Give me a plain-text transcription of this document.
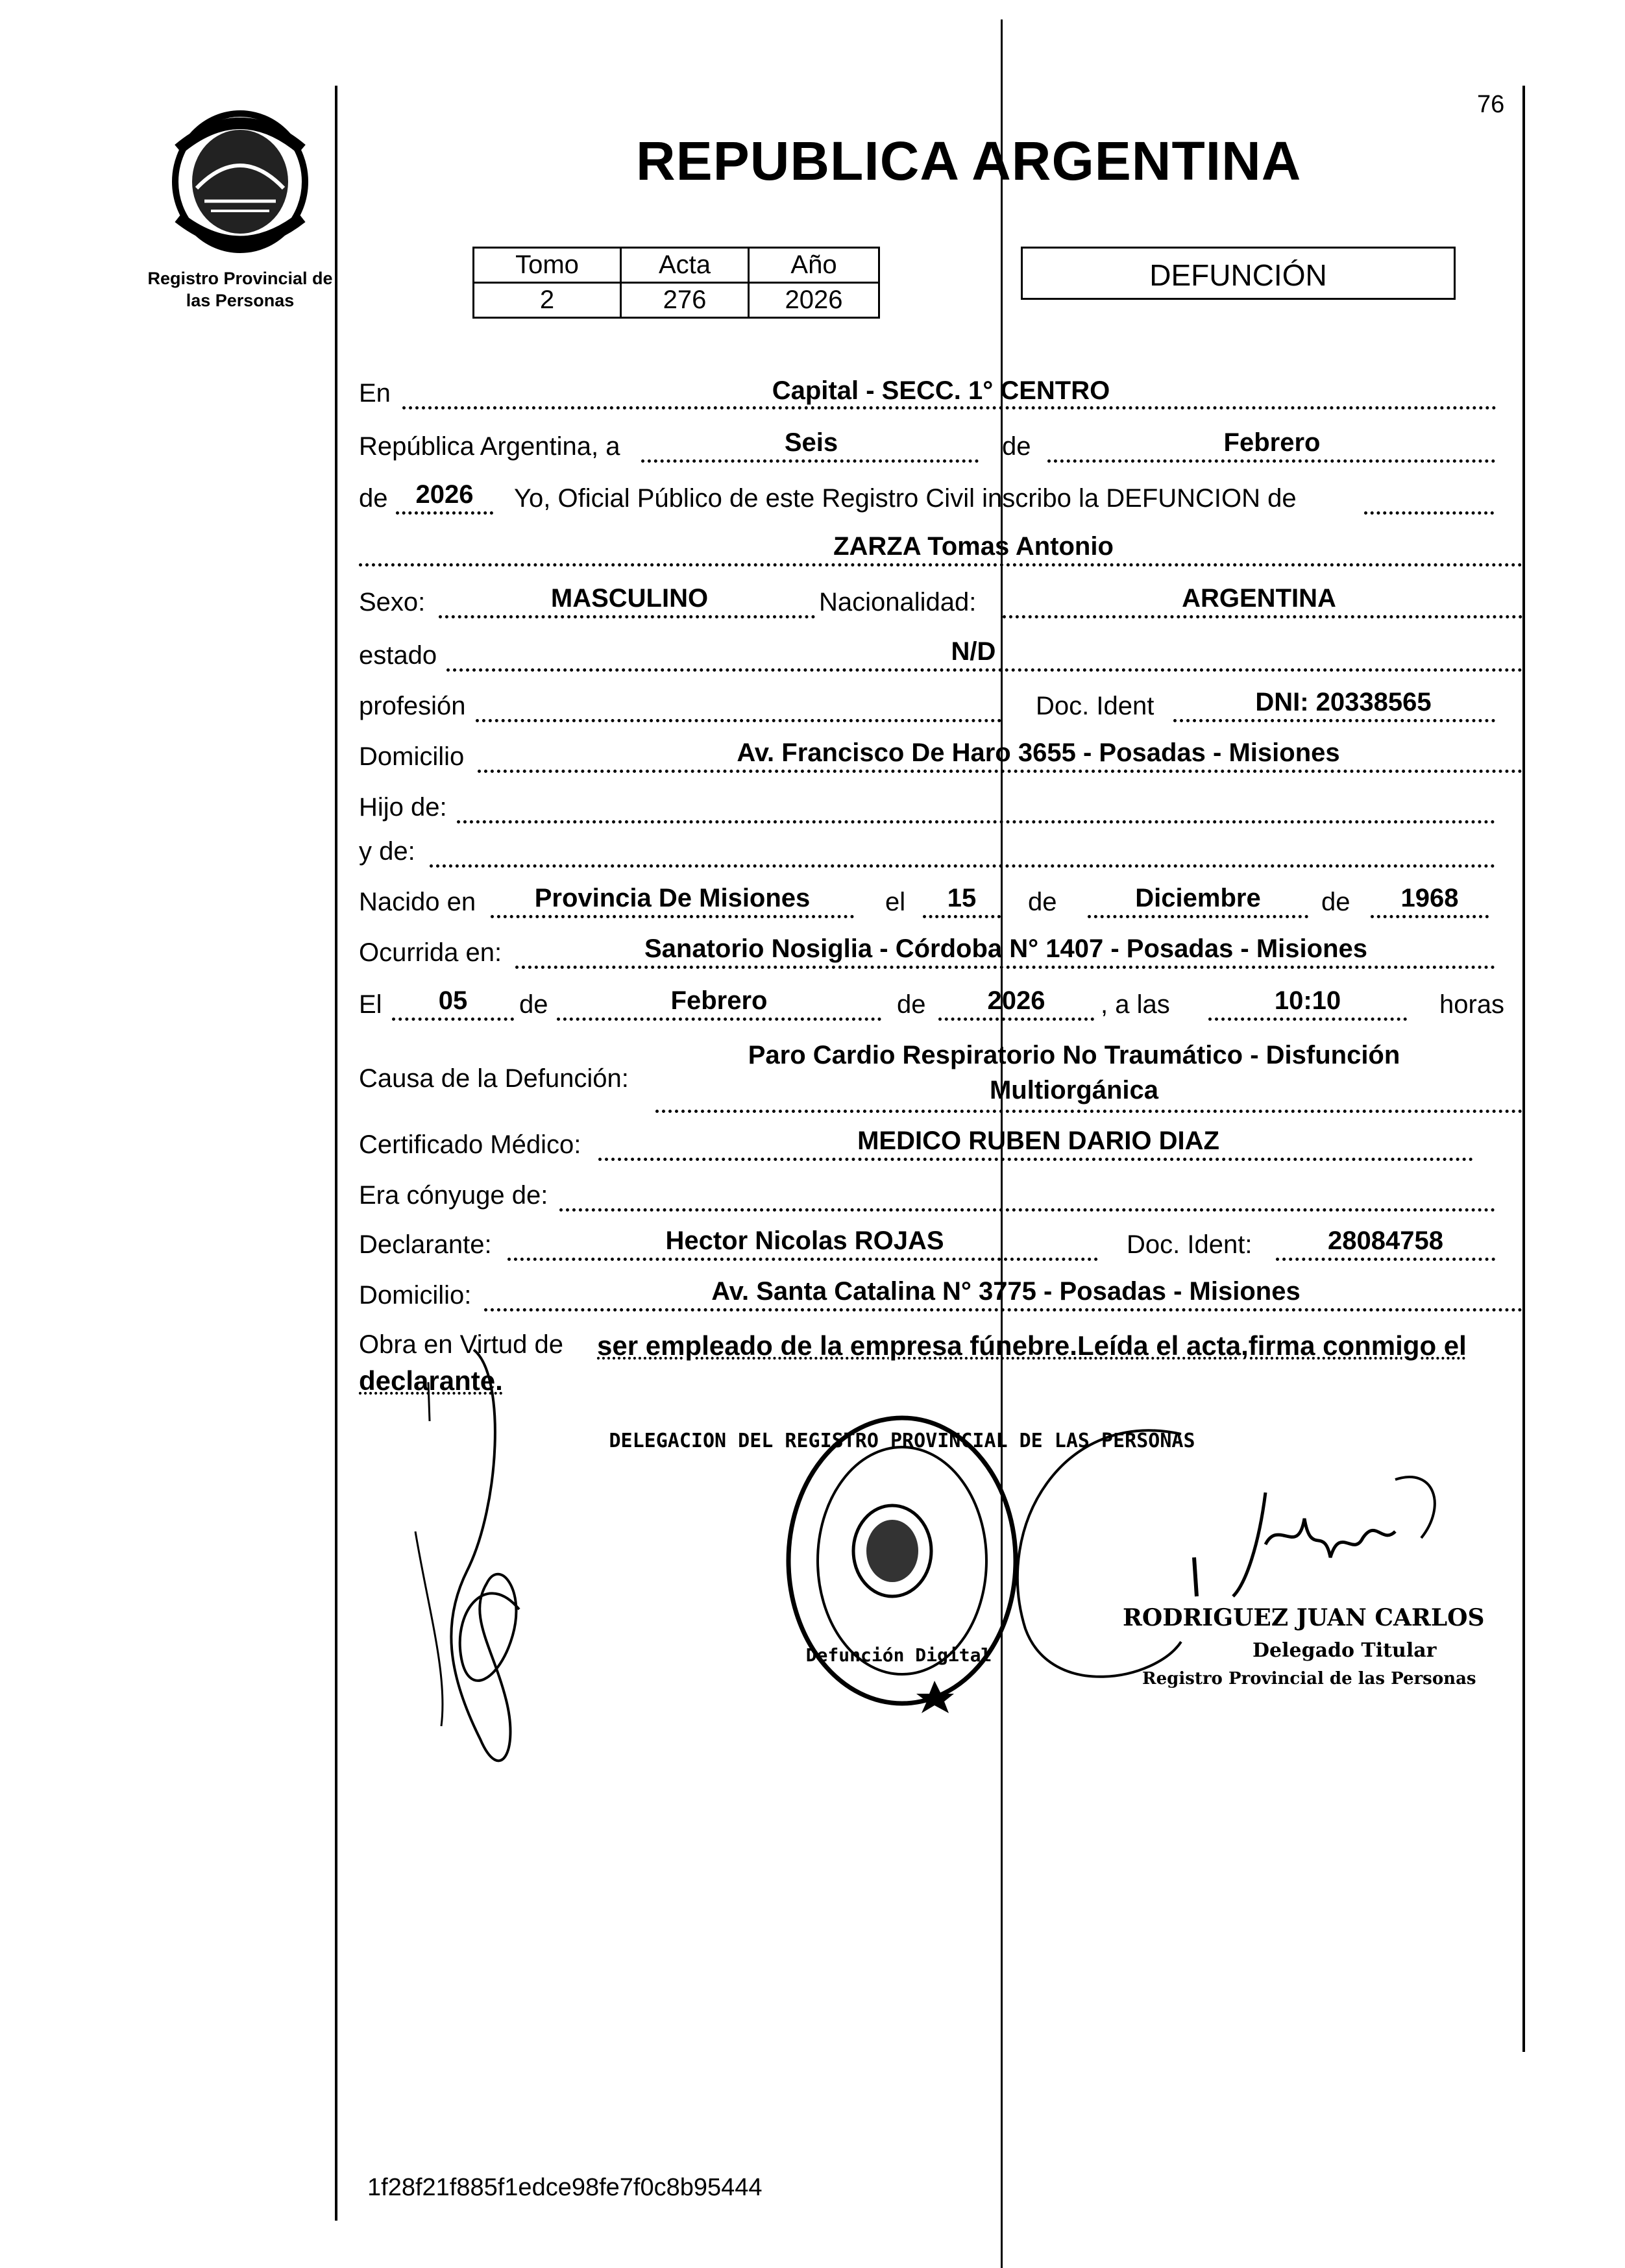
Registro Provincial de
las Personas
76
REPUBLICA ARGENTINA
Tomo	Acta	Año
2	276	2026
DEFUNCIÓN
En	Capital - SECC. 1° CENTRO
República Argentina, a	Seis	de	Febrero
de	2026	Yo, Oficial Público de este Registro Civil inscribo la DEFUNCION de
ZARZA Tomas Antonio
Sexo:	MASCULINO	Nacionalidad:	ARGENTINA
estado	N/D
profesión	Doc. Ident	DNI: 20338565
Domicilio	Av. Francisco De Haro 3655 - Posadas - Misiones
Hijo de:
y de:
Nacido en	Provincia De Misiones	el	15	de	Diciembre	de	1968
Ocurrida en:	Sanatorio Nosiglia - Córdoba N° 1407 - Posadas - Misiones
El	05	de	Febrero	de	2026	, a las	10:10	horas
Causa de la Defunción:
Paro Cardio Respiratorio No Traumático - Disfunción
Multiorgánica
Certificado Médico:	MEDICO RUBEN DARIO DIAZ
Era cónyuge de:
Declarante:	Hector Nicolas ROJAS	Doc. Ident:	28084758
Domicilio:	Av. Santa Catalina N° 3775 - Posadas - Misiones
Obra en Virtud de ser empleado de la empresa fúnebre.Leída el acta,firma conmigo el
declarante.
DELEGACION DEL REGISTRO PROVINCIAL DE LAS PERSONAS
Defunción Digital
RODRIGUEZ JUAN CARLOS
Delegado Titular
Registro Provincial de las Personas
1f28f21f885f1edce98fe7f0c8b95444
